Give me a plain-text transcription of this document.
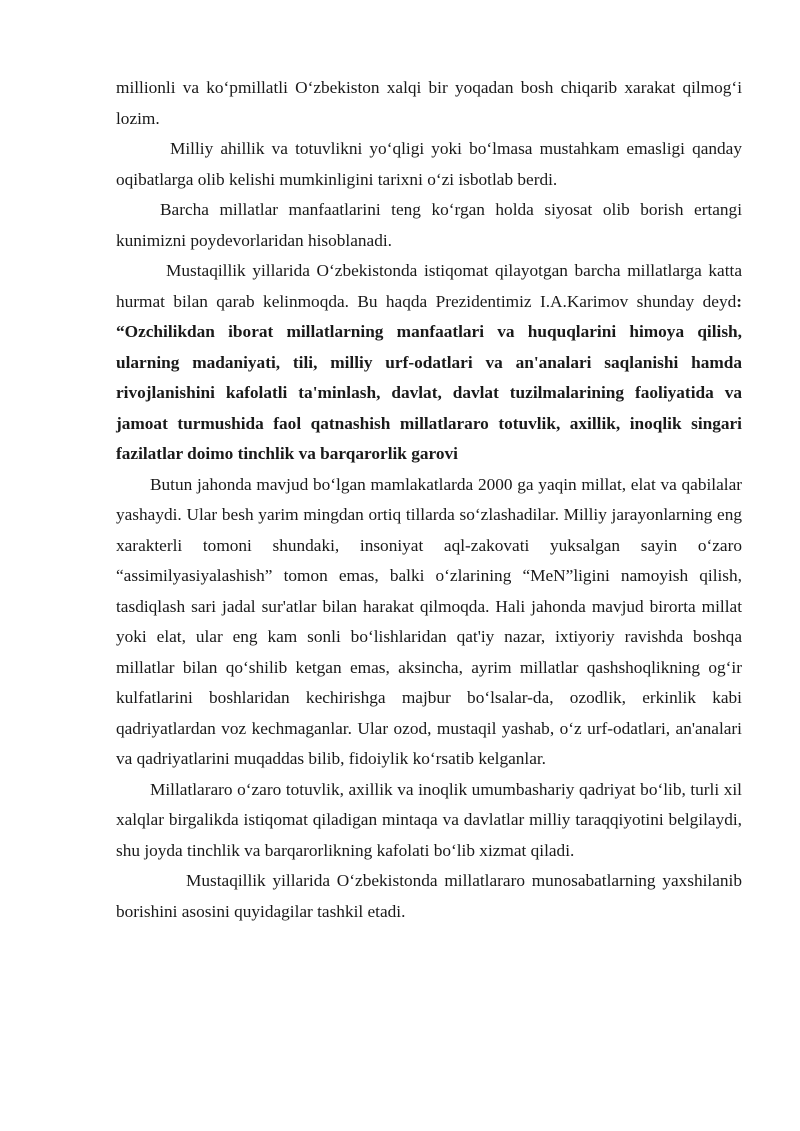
millionli va ko‘pmillatli O‘zbekiston xalqi bir yoqadan bosh chiqarib xarakat qilmog‘i lozim.

Milliy ahillik va totuvlikni yo‘qligi yoki bo‘lmasa mustahkam emasligi qanday oqibatlarga olib kelishi mumkinligini tarixni o‘zi isbotlab berdi.

Barcha millatlar manfaatlarini teng ko‘rgan holda siyosat olib borish ertangi kunimizni poydevorlaridan hisoblanadi.

Mustaqillik yillarida O‘zbekistonda istiqomat qilayotgan barcha millatlarga katta hurmat bilan qarab kelinmoqda. Bu haqda Prezidentimiz I.A.Karimov shunday deyd: “Ozchilikdan iborat millatlarning manfaatlari va huquqlarini himoya qilish, ularning madaniyati, tili, milliy urf-odatlari va an'analari saqlanishi hamda rivojlanishini kafolatli ta'minlash, davlat, davlat tuzilmalarining faoliyatida va jamoat turmushida faol qatnashish millatlararo totuvlik, axillik, inoqlik singari fazilatlar doimo tinchlik va barqarorlik garovi

Butun jahonda mavjud bo‘lgan mamlakatlarda 2000 ga yaqin millat, elat va qabilalar yashaydi. Ular besh yarim mingdan ortiq tillarda so‘zlashadilar. Milliy jarayonlarning eng xarakterli tomoni shundaki, insoniyat aql-zakovati yuksalgan sayin o‘zaro “assimilyasiyalashish” tomon emas, balki o‘zlarining “MeN”ligini namoyish qilish, tasdiqlash sari jadal sur'atlar bilan harakat qilmoqda. Hali jahonda mavjud birorta millat yoki elat, ular eng kam sonli bo‘lishlaridan qat'iy nazar, ixtiyoriy ravishda boshqa millatlar bilan qo‘shilib ketgan emas, aksincha, ayrim millatlar qashshoqlikning og‘ir kulfatlarini boshlaridan kechirishga majbur bo‘lsalar-da, ozodlik, erkinlik kabi qadriyatlardan voz kechmaganlar. Ular ozod, mustaqil yashab, o‘z urf-odatlari, an'analari va qadriyatlarini muqaddas bilib, fidoiylik ko‘rsatib kelganlar.

Millatlararo o‘zaro totuvlik, axillik va inoqlik umumbashariy qadriyat bo‘lib, turli xil xalqlar birgalikda istiqomat qiladigan mintaqa va davlatlar milliy taraqqiyotini belgilaydi, shu joyda tinchlik va barqarorlikning kafolati bo‘lib xizmat qiladi.

Mustaqillik yillarida O‘zbekistonda millatlararo munosabatlarning yaxshilanib borishini asosini quyidagilar tashkil etadi.
